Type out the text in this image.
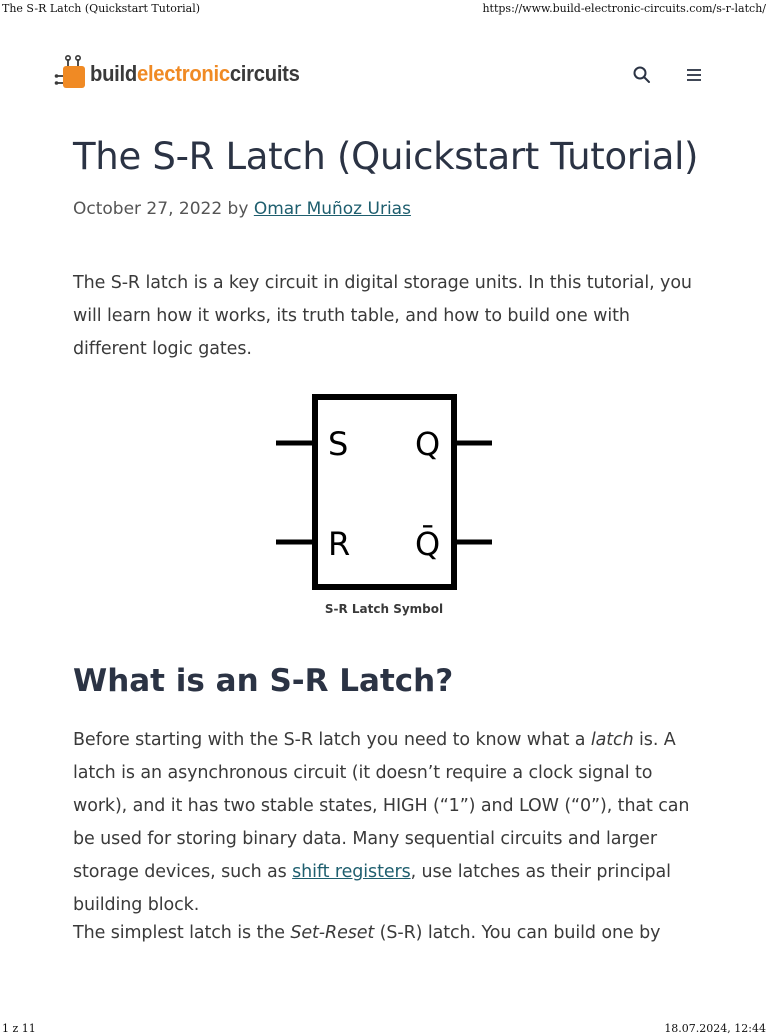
The S-R Latch (Quickstart Tutorial)	https://www.build-electronic-circuits.com/s-r-latch/
buildelectroniccircuits
The S-R Latch (Quickstart Tutorial)
October 27, 2022 by Omar Muñoz Urias

The S-R latch is a key circuit in digital storage units. In this tutorial, you will learn how it works, its truth table, and how to build one with different logic gates.

S
R
Q
Q̄
S-R Latch Symbol
What is an S-R Latch?

Before starting with the S-R latch you need to know what a latch is. A latch is an asynchronous circuit (it doesn’t require a clock signal to work), and it has two stable states, HIGH (“1”) and LOW (“0”), that can be used for storing binary data. Many sequential circuits and larger storage devices, such as shift registers, use latches as their principal building block.

The simplest latch is the Set-Reset (S-R) latch. You can build one by

1 z 11	18.07.2024, 12:44
